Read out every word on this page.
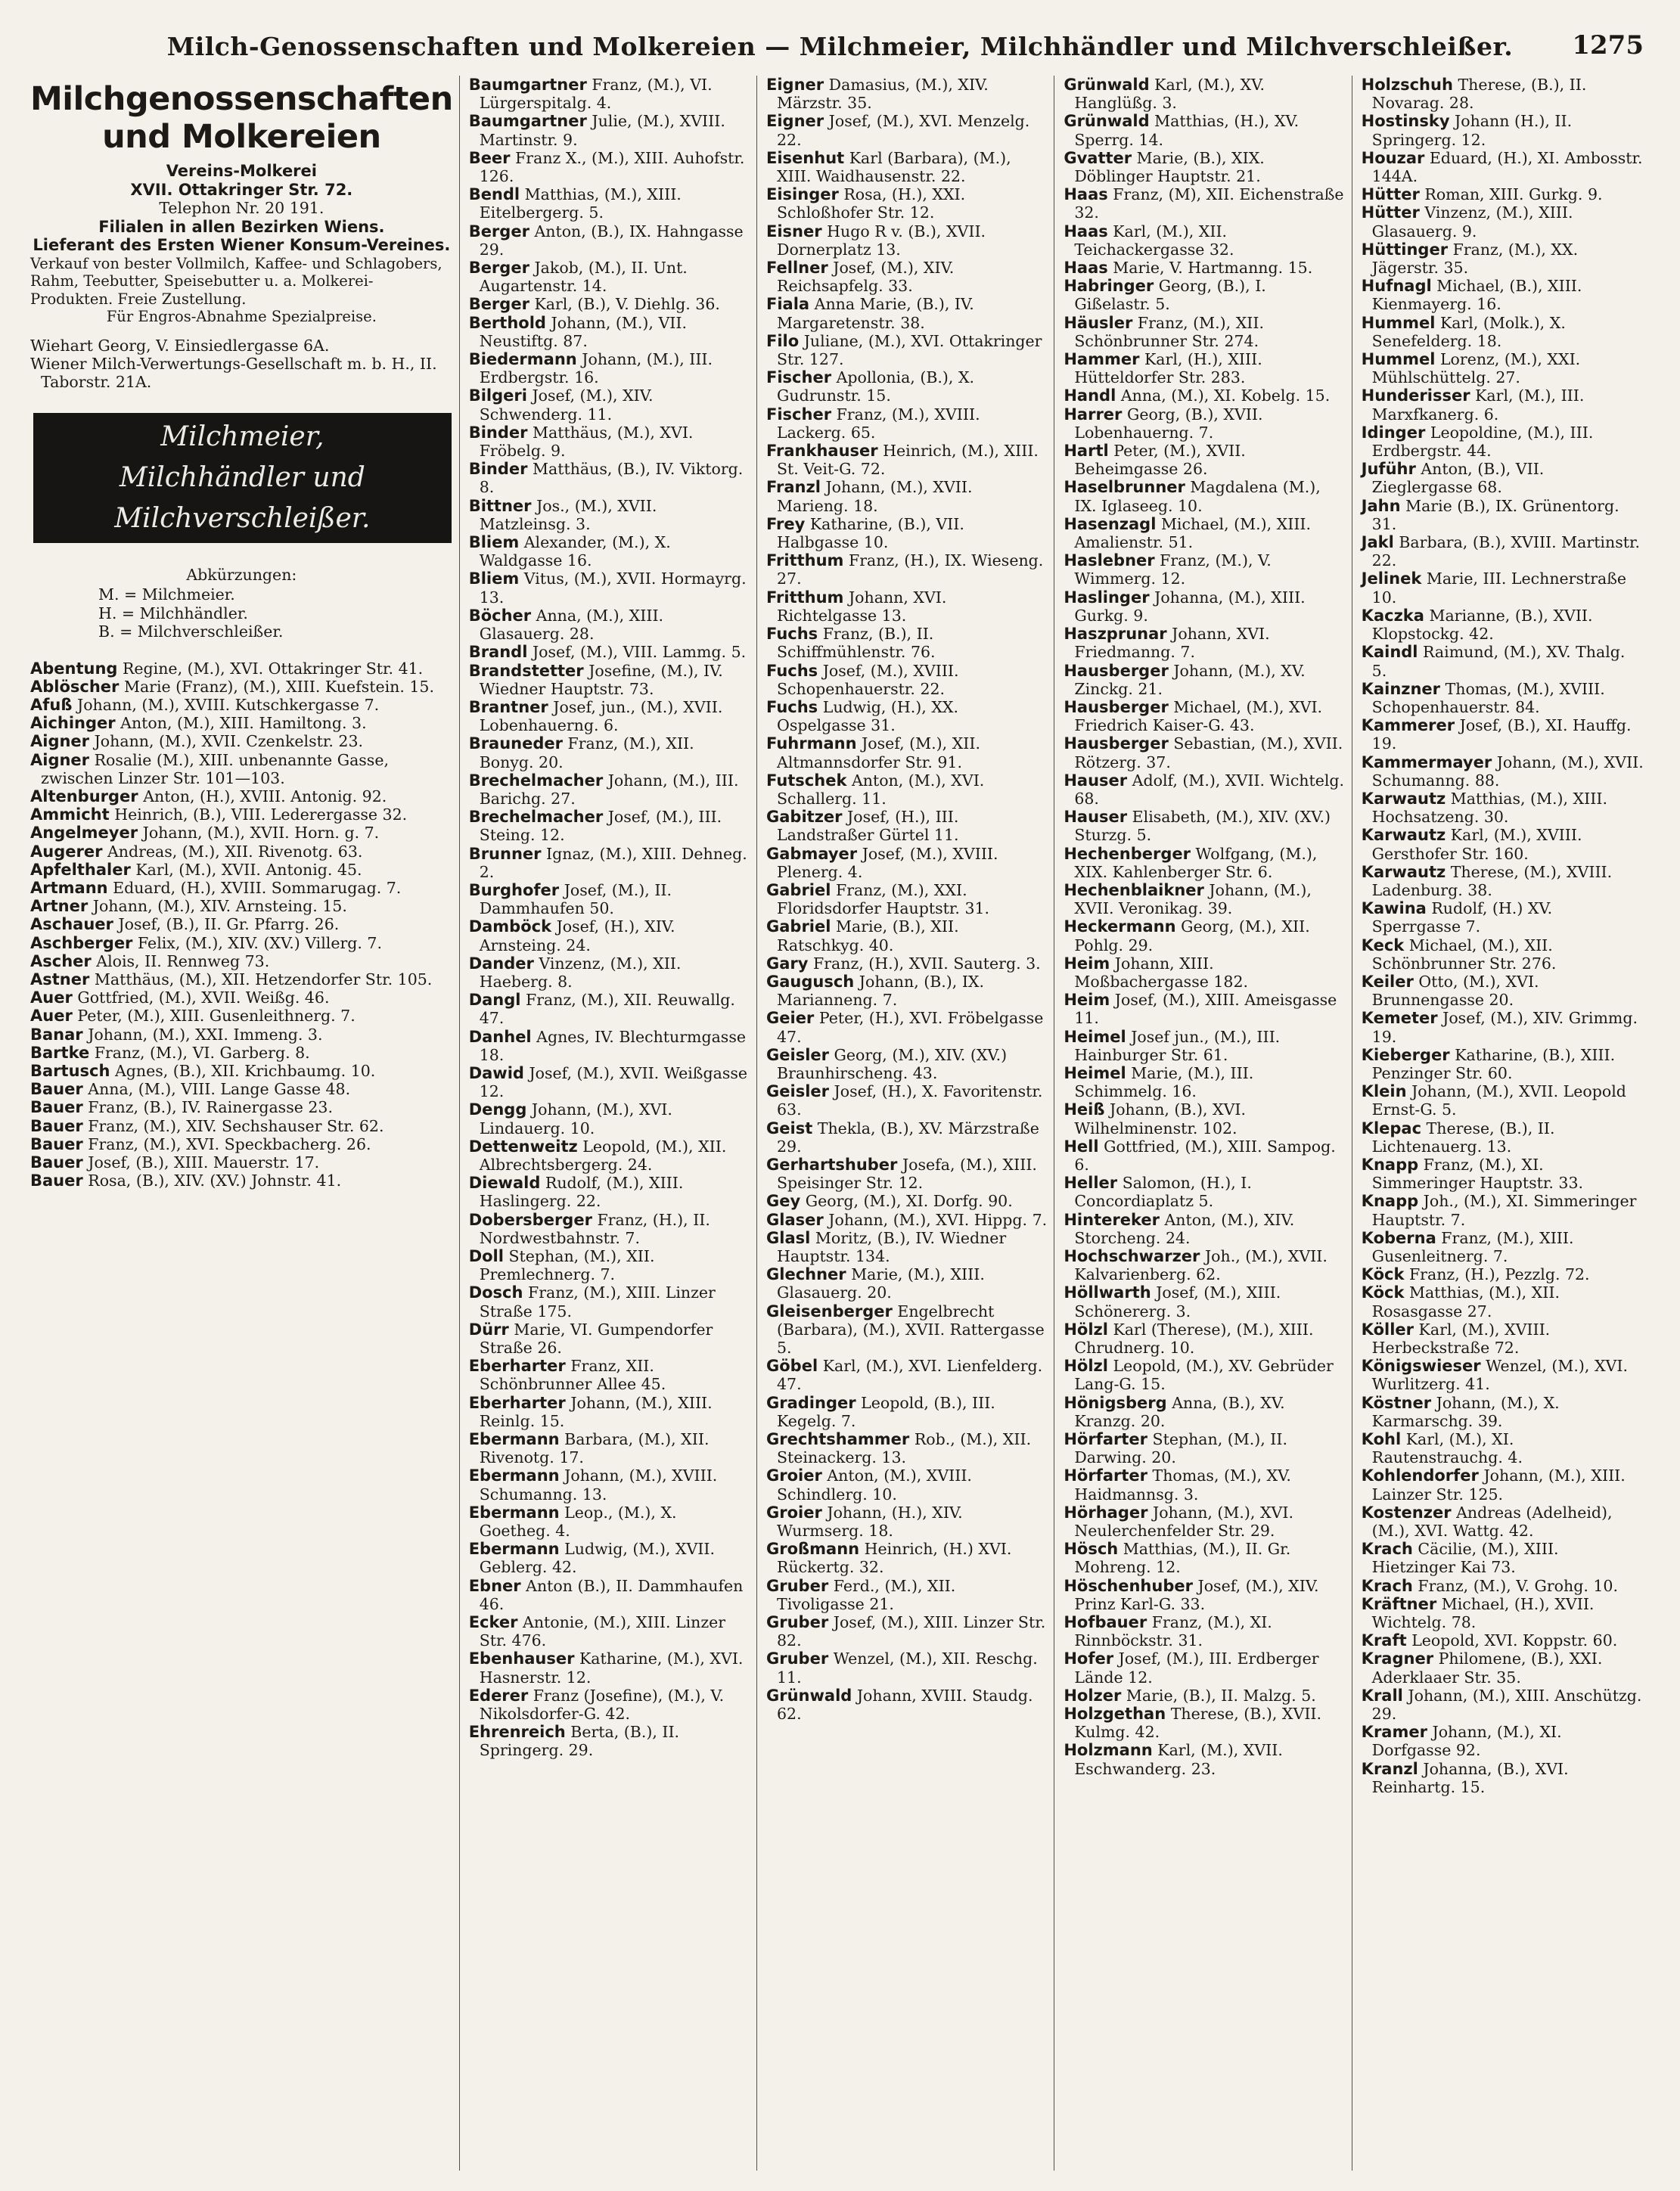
Milch-Genossenschaften und Molkereien — Milchmeier, Milchhändler und Milchverschleißer.	1275
Milchgenossenschaften
und Molkereien
Vereins-Molkerei
XVII. Ottakringer Str. 72.
Telephon Nr. 20 191.
Filialen in allen Bezirken Wiens.
Lieferant des Ersten Wiener Konsum-Vereines.
Verkauf von bester Vollmilch, Kaffee- und Schlagobers, Rahm, Teebutter, Speisebutter u. a. Molkerei-Produkten. Freie Zustellung.
Für Engros-Abnahme Spezialpreise.
Wiehart Georg, V. Einsiedlergasse 6A.
Wiener Milch-Verwertungs-Gesellschaft m. b. H., II. Taborstr. 21A.
Milchmeier,
Milchhändler und
Milchverschleißer.
Abkürzungen:
M. = Milchmeier.
H. = Milchhändler.
B. = Milchverschleißer.
Abentung Regine, (M.), XVI. Ottakringer Str. 41.
Ablöscher Marie (Franz), (M.), XIII. Kuefstein. 15.
Afuß Johann, (M.), XVIII. Kutschkergasse 7.
Aichinger Anton, (M.), XIII. Hamiltong. 3.
Aigner Johann, (M.), XVII. Czenkelstr. 23.
Aigner Rosalie (M.), XIII. unbenannte Gasse, zwischen Linzer Str. 101—103.
Altenburger Anton, (H.), XVIII. Antonig. 92.
Ammicht Heinrich, (B.), VIII. Lederergasse 32.
Angelmeyer Johann, (M.), XVII. Horn. g. 7.
Augerer Andreas, (M.), XII. Rivenotg. 63.
Apfelthaler Karl, (M.), XVII. Antonig. 45.
Artmann Eduard, (H.), XVIII. Sommarugag. 7.
Artner Johann, (M.), XIV. Arnsteing. 15.
Aschauer Josef, (B.), II. Gr. Pfarrg. 26.
Aschberger Felix, (M.), XIV. (XV.) Villerg. 7.
Ascher Alois, II. Rennweg 73.
Astner Matthäus, (M.), XII. Hetzendorfer Str. 105.
Auer Gottfried, (M.), XVII. Weißg. 46.
Auer Peter, (M.), XIII. Gusenleithnerg. 7.
Banar Johann, (M.), XXI. Immeng. 3.
Bartke Franz, (M.), VI. Garberg. 8.
Bartusch Agnes, (B.), XII. Krichbaumg. 10.
Bauer Anna, (M.), VIII. Lange Gasse 48.
Bauer Franz, (B.), IV. Rainergasse 23.
Bauer Franz, (M.), XIV. Sechshauser Str. 62.
Bauer Franz, (M.), XVI. Speckbacherg. 26.
Bauer Josef, (B.), XIII. Mauerstr. 17.
Bauer Rosa, (B.), XIV. (XV.) Johnstr. 41.
Baumgartner Franz, (M.), VI. Lürgerspitalg. 4.
Baumgartner Julie, (M.), XVIII. Martinstr. 9.
Beer Franz X., (M.), XIII. Auhofstr. 126.
Bendl Matthias, (M.), XIII. Eitelbergerg. 5.
Berger Anton, (B.), IX. Hahngasse 29.
Berger Jakob, (M.), II. Unt. Augartenstr. 14.
Berger Karl, (B.), V. Diehlg. 36.
Berthold Johann, (M.), VII. Neustiftg. 87.
Biedermann Johann, (M.), III. Erdbergstr. 16.
Bilgeri Josef, (M.), XIV. Schwenderg. 11.
Binder Matthäus, (M.), XVI. Fröbelg. 9.
Binder Matthäus, (B.), IV. Viktorg. 8.
Bittner Jos., (M.), XVII. Matzleinsg. 3.
Bliem Alexander, (M.), X. Waldgasse 16.
Bliem Vitus, (M.), XVII. Hormayrg. 13.
Böcher Anna, (M.), XIII. Glasauerg. 28.
Brandl Josef, (M.), VIII. Lammg. 5.
Brandstetter Josefine, (M.), IV. Wiedner Hauptstr. 73.
Brantner Josef, jun., (M.), XVII. Lobenhauerng. 6.
Brauneder Franz, (M.), XII. Bonyg. 20.
Brechelmacher Johann, (M.), III. Barichg. 27.
Brechelmacher Josef, (M.), III. Steing. 12.
Brunner Ignaz, (M.), XIII. Dehneg. 2.
Burghofer Josef, (M.), II. Dammhaufen 50.
Damböck Josef, (H.), XIV. Arnsteing. 24.
Dander Vinzenz, (M.), XII. Haeberg. 8.
Dangl Franz, (M.), XII. Reuwallg. 47.
Danhel Agnes, IV. Blechturmgasse 18.
Dawid Josef, (M.), XVII. Weißgasse 12.
Dengg Johann, (M.), XVI. Lindauerg. 10.
Dettenweitz Leopold, (M.), XII. Albrechtsbergerg. 24.
Diewald Rudolf, (M.), XIII. Haslingerg. 22.
Dobersberger Franz, (H.), II. Nordwestbahnstr. 7.
Doll Stephan, (M.), XII. Premlechnerg. 7.
Dosch Franz, (M.), XIII. Linzer Straße 175.
Dürr Marie, VI. Gumpendorfer Straße 26.
Eberharter Franz, XII. Schönbrunner Allee 45.
Eberharter Johann, (M.), XIII. Reinlg. 15.
Ebermann Barbara, (M.), XII. Rivenotg. 17.
Ebermann Johann, (M.), XVIII. Schumanng. 13.
Ebermann Leop., (M.), X. Goetheg. 4.
Ebermann Ludwig, (M.), XVII. Geblerg. 42.
Ebner Anton (B.), II. Dammhaufen 46.
Ecker Antonie, (M.), XIII. Linzer Str. 476.
Ebenhauser Katharine, (M.), XVI. Hasnerstr. 12.
Ederer Franz (Josefine), (M.), V. Nikolsdorfer-G. 42.
Ehrenreich Berta, (B.), II. Springerg. 29.
Eigner Damasius, (M.), XIV. Märzstr. 35.
Eigner Josef, (M.), XVI. Menzelg. 22.
Eisenhut Karl (Barbara), (M.), XIII. Waidhausenstr. 22.
Eisinger Rosa, (H.), XXI. Schloßhofer Str. 12.
Eisner Hugo R v. (B.), XVII. Dornerplatz 13.
Fellner Josef, (M.), XIV. Reichsapfelg. 33.
Fiala Anna Marie, (B.), IV. Margaretenstr. 38.
Filo Juliane, (M.), XVI. Ottakringer Str. 127.
Fischer Apollonia, (B.), X. Gudrunstr. 15.
Fischer Franz, (M.), XVIII. Lackerg. 65.
Frankhauser Heinrich, (M.), XIII. St. Veit-G. 72.
Franzl Johann, (M.), XVII. Marieng. 18.
Frey Katharine, (B.), VII. Halbgasse 10.
Fritthum Franz, (H.), IX. Wieseng. 27.
Fritthum Johann, XVI. Richtelgasse 13.
Fuchs Franz, (B.), II. Schiffmühlenstr. 76.
Fuchs Josef, (M.), XVIII. Schopenhauerstr. 22.
Fuchs Ludwig, (H.), XX. Ospelgasse 31.
Fuhrmann Josef, (M.), XII. Altmannsdorfer Str. 91.
Futschek Anton, (M.), XVI. Schallerg. 11.
Gabitzer Josef, (H.), III. Landstraßer Gürtel 11.
Gabmayer Josef, (M.), XVIII. Plenerg. 4.
Gabriel Franz, (M.), XXI. Floridsdorfer Hauptstr. 31.
Gabriel Marie, (B.), XII. Ratschkyg. 40.
Gary Franz, (H.), XVII. Sauterg. 3.
Gaugusch Johann, (B.), IX. Marianneng. 7.
Geier Peter, (H.), XVI. Fröbelgasse 47.
Geisler Georg, (M.), XIV. (XV.) Braunhirscheng. 43.
Geisler Josef, (H.), X. Favoritenstr. 63.
Geist Thekla, (B.), XV. Märzstraße 29.
Gerhartshuber Josefa, (M.), XIII. Speisinger Str. 12.
Gey Georg, (M.), XI. Dorfg. 90.
Glaser Johann, (M.), XVI. Hippg. 7.
Glasl Moritz, (B.), IV. Wiedner Hauptstr. 134.
Glechner Marie, (M.), XIII. Glasauerg. 20.
Gleisenberger Engelbrecht (Barbara), (M.), XVII. Rattergasse 5.
Göbel Karl, (M.), XVI. Lienfelderg. 47.
Gradinger Leopold, (B.), III. Kegelg. 7.
Grechtshammer Rob., (M.), XII. Steinackerg. 13.
Groier Anton, (M.), XVIII. Schindlerg. 10.
Groier Johann, (H.), XIV. Wurmserg. 18.
Großmann Heinrich, (H.) XVI. Rückertg. 32.
Gruber Ferd., (M.), XII. Tivoligasse 21.
Gruber Josef, (M.), XIII. Linzer Str. 82.
Gruber Wenzel, (M.), XII. Reschg. 11.
Grünwald Johann, XVIII. Staudg. 62.
Grünwald Karl, (M.), XV. Hanglüßg. 3.
Grünwald Matthias, (H.), XV. Sperrg. 14.
Gvatter Marie, (B.), XIX. Döblinger Hauptstr. 21.
Haas Franz, (M), XII. Eichenstraße 32.
Haas Karl, (M.), XII. Teichackergasse 32.
Haas Marie, V. Hartmanng. 15.
Habringer Georg, (B.), I. Gißelastr. 5.
Häusler Franz, (M.), XII. Schönbrunner Str. 274.
Hammer Karl, (H.), XIII. Hütteldorfer Str. 283.
Handl Anna, (M.), XI. Kobelg. 15.
Harrer Georg, (B.), XVII. Lobenhauerng. 7.
Hartl Peter, (M.), XVII. Beheimgasse 26.
Haselbrunner Magdalena (M.), IX. Iglaseeg. 10.
Hasenzagl Michael, (M.), XIII. Amalienstr. 51.
Haslebner Franz, (M.), V. Wimmerg. 12.
Haslinger Johanna, (M.), XIII. Gurkg. 9.
Haszprunar Johann, XVI. Friedmanng. 7.
Hausberger Johann, (M.), XV. Zinckg. 21.
Hausberger Michael, (M.), XVI. Friedrich Kaiser-G. 43.
Hausberger Sebastian, (M.), XVII. Rötzerg. 37.
Hauser Adolf, (M.), XVII. Wichtelg. 68.
Hauser Elisabeth, (M.), XIV. (XV.) Sturzg. 5.
Hechenberger Wolfgang, (M.), XIX. Kahlenberger Str. 6.
Hechenblaikner Johann, (M.), XVII. Veronikag. 39.
Heckermann Georg, (M.), XII. Pohlg. 29.
Heim Johann, XIII. Moßbachergasse 182.
Heim Josef, (M.), XIII. Ameisgasse 11.
Heimel Josef jun., (M.), III. Hainburger Str. 61.
Heimel Marie, (M.), III. Schimmelg. 16.
Heiß Johann, (B.), XVI. Wilhelminenstr. 102.
Hell Gottfried, (M.), XIII. Sampog. 6.
Heller Salomon, (H.), I. Concordiaplatz 5.
Hintereker Anton, (M.), XIV. Storcheng. 24.
Hochschwarzer Joh., (M.), XVII. Kalvarienberg. 62.
Höllwarth Josef, (M.), XIII. Schönererg. 3.
Hölzl Karl (Therese), (M.), XIII. Chrudnerg. 10.
Hölzl Leopold, (M.), XV. Gebrüder Lang-G. 15.
Hönigsberg Anna, (B.), XV. Kranzg. 20.
Hörfarter Stephan, (M.), II. Darwing. 20.
Hörfarter Thomas, (M.), XV. Haidmannsg. 3.
Hörhager Johann, (M.), XVI. Neulerchenfelder Str. 29.
Hösch Matthias, (M.), II. Gr. Mohreng. 12.
Höschenhuber Josef, (M.), XIV. Prinz Karl-G. 33.
Hofbauer Franz, (M.), XI. Rinnböckstr. 31.
Hofer Josef, (M.), III. Erdberger Lände 12.
Holzer Marie, (B.), II. Malzg. 5.
Holzgethan Therese, (B.), XVII. Kulmg. 42.
Holzmann Karl, (M.), XVII. Eschwanderg. 23.
Holzschuh Therese, (B.), II. Novarag. 28.
Hostinsky Johann (H.), II. Springerg. 12.
Houzar Eduard, (H.), XI. Ambosstr. 144A.
Hütter Roman, XIII. Gurkg. 9.
Hütter Vinzenz, (M.), XIII. Glasauerg. 9.
Hüttinger Franz, (M.), XX. Jägerstr. 35.
Hufnagl Michael, (B.), XIII. Kienmayerg. 16.
Hummel Karl, (Molk.), X. Senefelderg. 18.
Hummel Lorenz, (M.), XXI. Mühlschüttelg. 27.
Hunderisser Karl, (M.), III. Marxfkanerg. 6.
Idinger Leopoldine, (M.), III. Erdbergstr. 44.
Juführ Anton, (B.), VII. Zieglergasse 68.
Jahn Marie (B.), IX. Grünentorg. 31.
Jakl Barbara, (B.), XVIII. Martinstr. 22.
Jelinek Marie, III. Lechnerstraße 10.
Kaczka Marianne, (B.), XVII. Klopstockg. 42.
Kaindl Raimund, (M.), XV. Thalg. 5.
Kainzner Thomas, (M.), XVIII. Schopenhauerstr. 84.
Kammerer Josef, (B.), XI. Hauffg. 19.
Kammermayer Johann, (M.), XVII. Schumanng. 88.
Karwautz Matthias, (M.), XIII. Hochsatzeng. 30.
Karwautz Karl, (M.), XVIII. Gersthofer Str. 160.
Karwautz Therese, (M.), XVIII. Ladenburg. 38.
Kawina Rudolf, (H.) XV. Sperrgasse 7.
Keck Michael, (M.), XII. Schönbrunner Str. 276.
Keiler Otto, (M.), XVI. Brunnengasse 20.
Kemeter Josef, (M.), XIV. Grimmg. 19.
Kieberger Katharine, (B.), XIII. Penzinger Str. 60.
Klein Johann, (M.), XVII. Leopold Ernst-G. 5.
Klepac Therese, (B.), II. Lichtenauerg. 13.
Knapp Franz, (M.), XI. Simmeringer Hauptstr. 33.
Knapp Joh., (M.), XI. Simmeringer Hauptstr. 7.
Koberna Franz, (M.), XIII. Gusenleitnerg. 7.
Köck Franz, (H.), Pezzlg. 72.
Köck Matthias, (M.), XII. Rosasgasse 27.
Köller Karl, (M.), XVIII. Herbeckstraße 72.
Königswieser Wenzel, (M.), XVI. Wurlitzerg. 41.
Köstner Johann, (M.), X. Karmarschg. 39.
Kohl Karl, (M.), XI. Rautenstrauchg. 4.
Kohlendorfer Johann, (M.), XIII. Lainzer Str. 125.
Kostenzer Andreas (Adelheid), (M.), XVI. Wattg. 42.
Krach Cäcilie, (M.), XIII. Hietzinger Kai 73.
Krach Franz, (M.), V. Grohg. 10.
Kräftner Michael, (H.), XVII. Wichtelg. 78.
Kraft Leopold, XVI. Koppstr. 60.
Kragner Philomene, (B.), XXI. Aderklaaer Str. 35.
Krall Johann, (M.), XIII. Anschützg. 29.
Kramer Johann, (M.), XI. Dorfgasse 92.
Kranzl Johanna, (B.), XVI. Reinhartg. 15.
